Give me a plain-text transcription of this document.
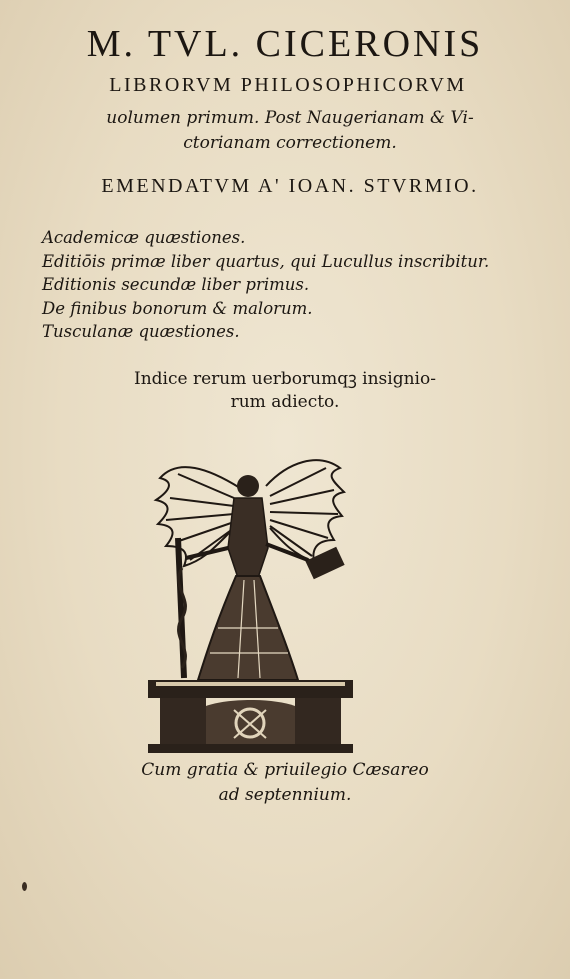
M. TVL. CICERONIS
LIBRORVM PHILOSOPHICORVM
uolumen primum. Post Naugerianam & Vi-
ctorianam correctionem.
EMENDATVM A' IOAN. STVRMIO.
Academicæ quæstiones.
Editiōis primæ liber quartus, qui Lucullus inscribitur.
Editionis secundæ liber primus.
De finibus bonorum & malorum.
Tusculanæ quæstiones.
Indice rerum uerborumqꝫ insignio-
rum adiecto.
Cum gratia & priuilegio Cæsareo
ad septennium.
